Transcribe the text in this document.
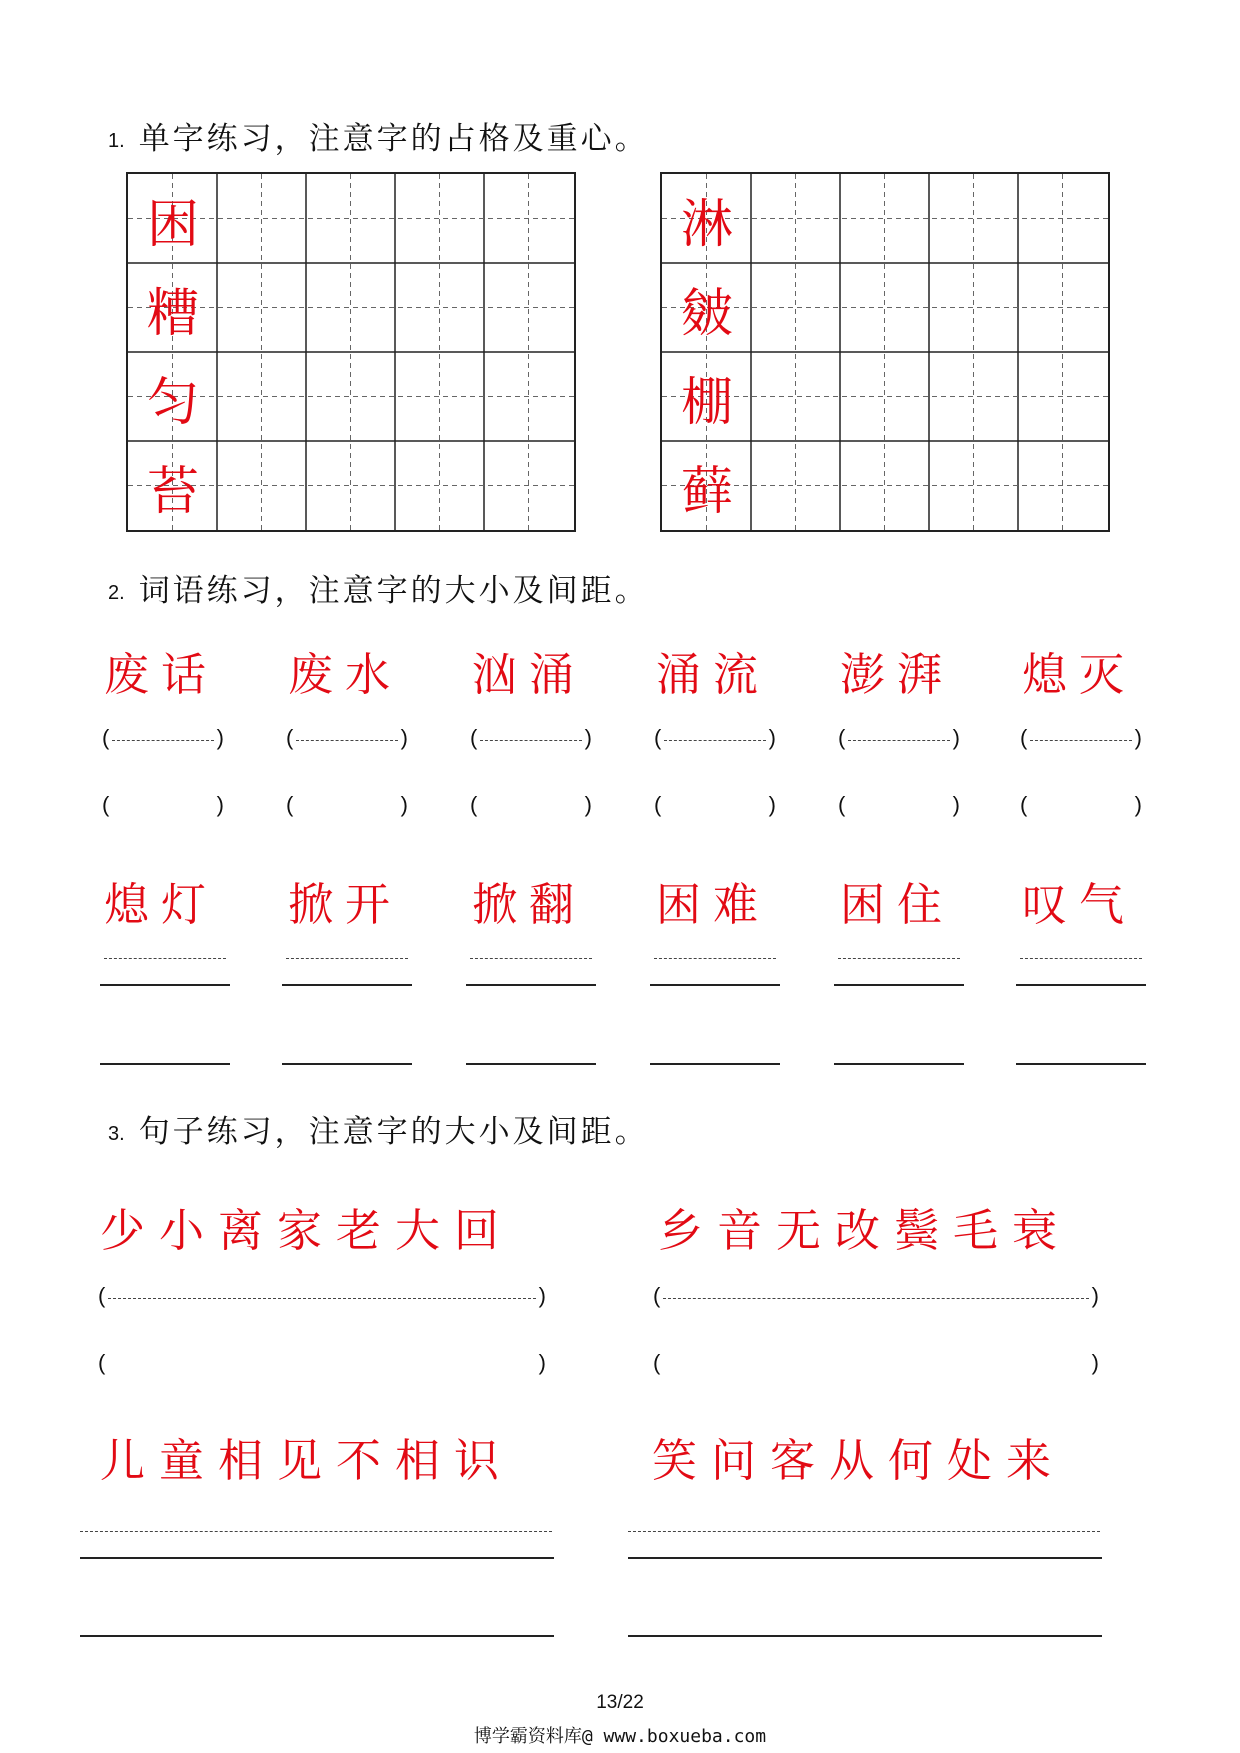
1. 单字练习，注意字的占格及重心。
困
糟
匀
苔
淋
皴
棚
藓
2. 词语练习，注意字的大小及间距。
废话 废水 汹涌 涌流 澎湃 熄灭
(	)	(	)	(	)	(	)	(	)	(	)
(	)	(	)	(	)	(	)	(	)	(	)
熄灯 掀开 掀翻 困难 困住 叹气
3. 句子练习，注意字的大小及间距。
少小离家老大回	乡音无改鬓毛衰
(	)	(	)
(	)	(	)
儿童相见不相识	笑问客从何处来
13/22
博学霸资料库@ www.boxueba.com
